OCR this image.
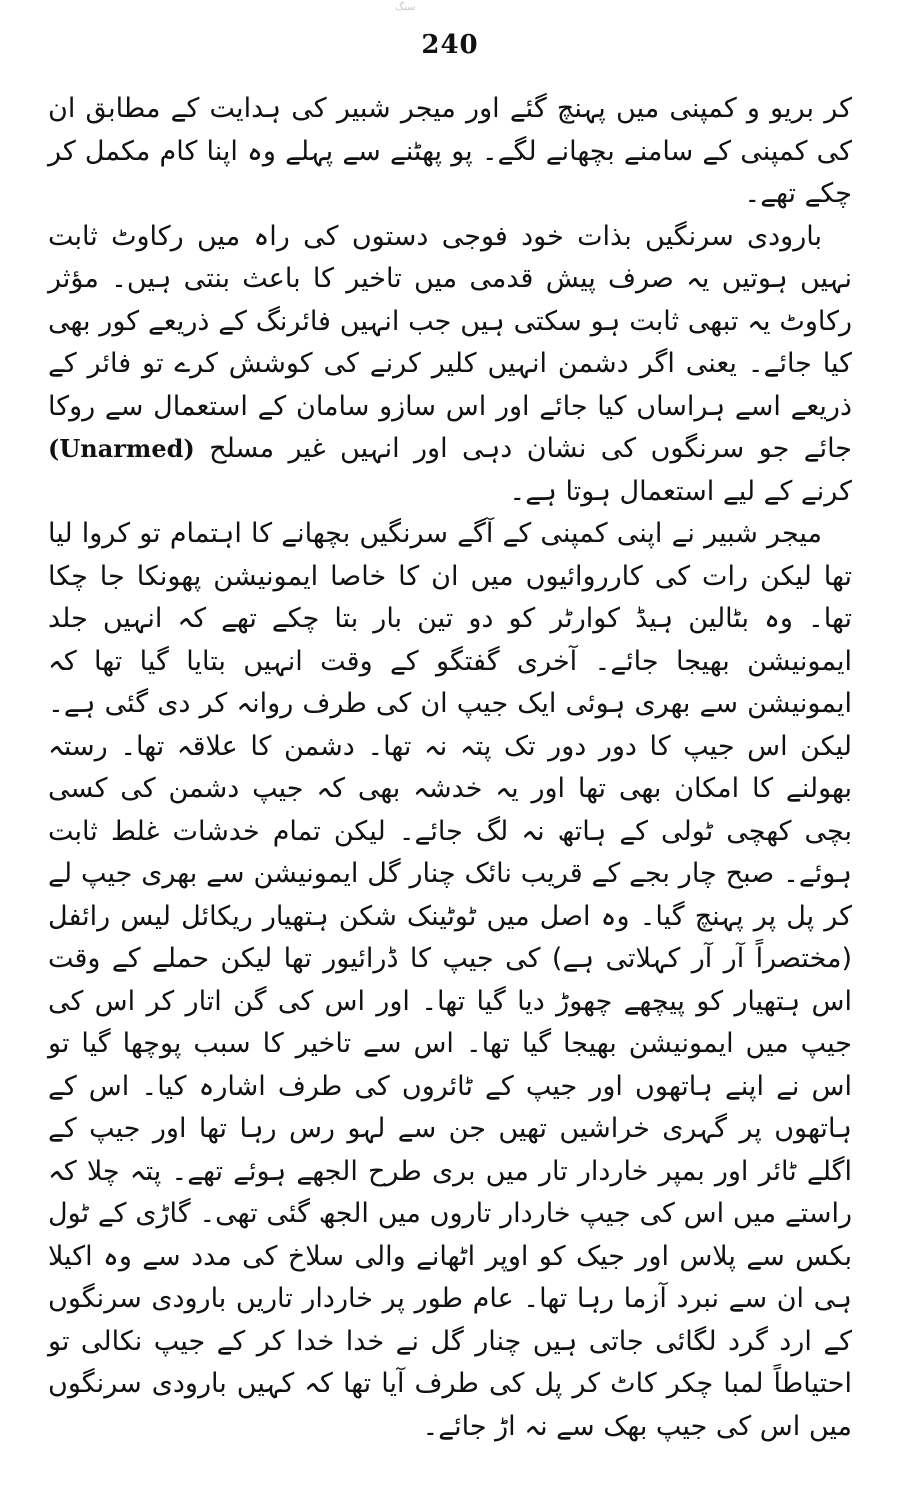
سنگ
240

کر بریو و کمپنی میں پہنچ گئے اور میجر شبیر کی ہدایت کے مطابق ان کی کمپنی کے سامنے بچھانے لگے۔ پو پھٹنے سے پہلے وہ اپنا کام مکمل کر چکے تھے۔

بارودی سرنگیں بذات خود فوجی دستوں کی راہ میں رکاوٹ ثابت نہیں ہوتیں یہ صرف پیش قدمی میں تاخیر کا باعث بنتی ہیں۔ مؤثر رکاوٹ یہ تبھی ثابت ہو سکتی ہیں جب انہیں فائرنگ کے ذریعے کور بھی کیا جائے۔ یعنی اگر دشمن انہیں کلیر کرنے کی کوشش کرے تو فائر کے ذریعے اسے ہراساں کیا جائے اور اس سازو سامان کے استعمال سے روکا جائے جو سرنگوں کی نشان دہی اور انہیں غیر مسلح (Unarmed) کرنے کے لیے استعمال ہوتا ہے۔

میجر شبیر نے اپنی کمپنی کے آگے سرنگیں بچھانے کا اہتمام تو کروا لیا تھا لیکن رات کی کارروائیوں میں ان کا خاصا ایمونیشن پھونکا جا چکا تھا۔ وہ بٹالین ہیڈ کوارٹر کو دو تین بار بتا چکے تھے کہ انہیں جلد ایمونیشن بھیجا جائے۔ آخری گفتگو کے وقت انہیں بتایا گیا تھا کہ ایمونیشن سے بھری ہوئی ایک جیپ ان کی طرف روانہ کر دی گئی ہے۔ لیکن اس جیپ کا دور دور تک پتہ نہ تھا۔ دشمن کا علاقہ تھا۔ رستہ بھولنے کا امکان بھی تھا اور یہ خدشہ بھی کہ جیپ دشمن کی کسی بچی کھچی ٹولی کے ہاتھ نہ لگ جائے۔ لیکن تمام خدشات غلط ثابت ہوئے۔ صبح چار بجے کے قریب نائک چنار گل ایمونیشن سے بھری جیپ لے کر پل پر پہنچ گیا۔ وہ اصل میں ٹوٹینک شکن ہتھیار ریکائل لیس رائفل (مختصراً آر آر کہلاتی ہے) کی جیپ کا ڈرائیور تھا لیکن حملے کے وقت اس ہتھیار کو پیچھے چھوڑ دیا گیا تھا۔ اور اس کی گن اتار کر اس کی جیپ میں ایمونیشن بھیجا گیا تھا۔ اس سے تاخیر کا سبب پوچھا گیا تو اس نے اپنے ہاتھوں اور جیپ کے ٹائروں کی طرف اشارہ کیا۔ اس کے ہاتھوں پر گہری خراشیں تھیں جن سے لہو رس رہا تھا اور جیپ کے اگلے ٹائر اور بمپر خاردار تار میں بری طرح الجھے ہوئے تھے۔ پتہ چلا کہ راستے میں اس کی جیپ خاردار تاروں میں الجھ گئی تھی۔ گاڑی کے ٹول بکس سے پلاس اور جیک کو اوپر اٹھانے والی سلاخ کی مدد سے وہ اکیلا ہی ان سے نبرد آزما رہا تھا۔ عام طور پر خاردار تاریں بارودی سرنگوں کے ارد گرد لگائی جاتی ہیں چنار گل نے خدا خدا کر کے جیپ نکالی تو احتیاطاً لمبا چکر کاٹ کر پل کی طرف آیا تھا کہ کہیں بارودی سرنگوں میں اس کی جیپ بھک سے نہ اڑ جائے۔
